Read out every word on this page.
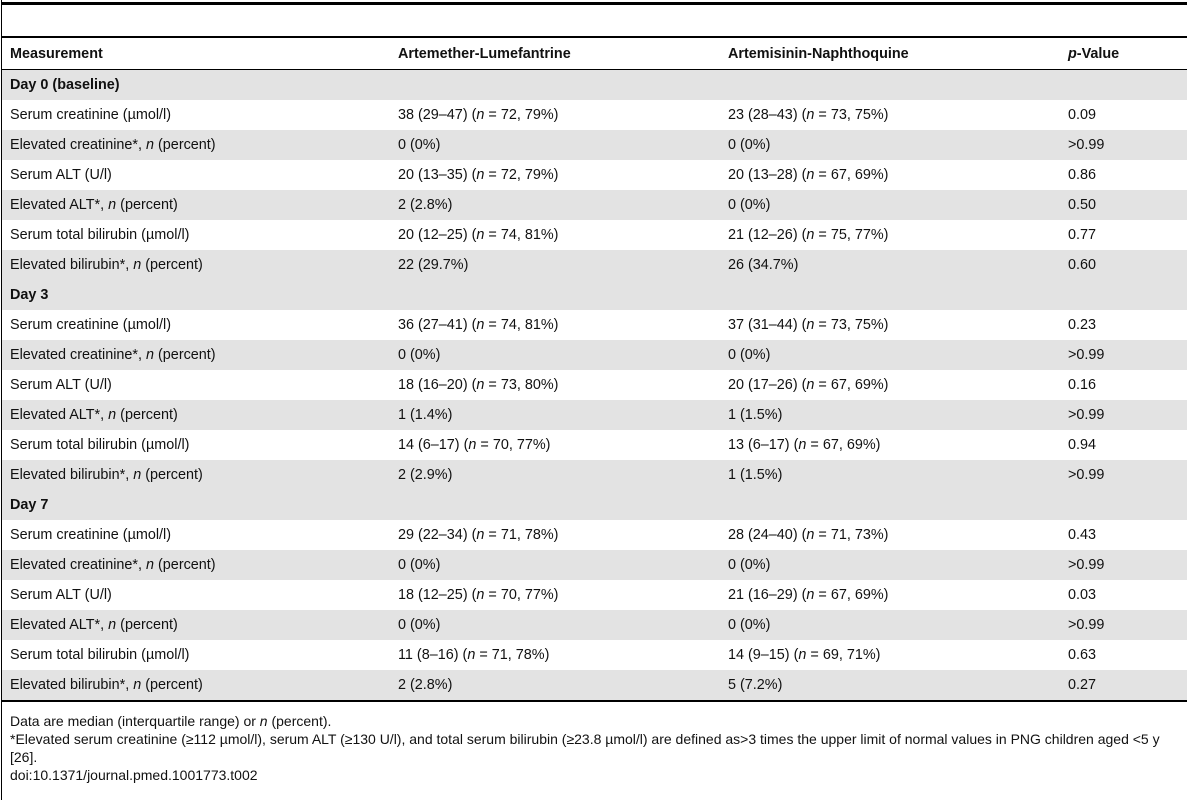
Measurement	Artemether-Lumefantrine	Artemisinin-Naphthoquine	p-Value
Day 0 (baseline)			
Serum creatinine (µmol/l)	38 (29–47) (n = 72, 79%)	23 (28–43) (n = 73, 75%)	0.09
Elevated creatinine*, n (percent)	0 (0%)	0 (0%)	>0.99
Serum ALT (U/l)	20 (13–35) (n = 72, 79%)	20 (13–28) (n = 67, 69%)	0.86
Elevated ALT*, n (percent)	2 (2.8%)	0 (0%)	0.50
Serum total bilirubin (µmol/l)	20 (12–25) (n = 74, 81%)	21 (12–26) (n = 75, 77%)	0.77
Elevated bilirubin*, n (percent)	22 (29.7%)	26 (34.7%)	0.60
Day 3			
Serum creatinine (µmol/l)	36 (27–41) (n = 74, 81%)	37 (31–44) (n = 73, 75%)	0.23
Elevated creatinine*, n (percent)	0 (0%)	0 (0%)	>0.99
Serum ALT (U/l)	18 (16–20) (n = 73, 80%)	20 (17–26) (n = 67, 69%)	0.16
Elevated ALT*, n (percent)	1 (1.4%)	1 (1.5%)	>0.99
Serum total bilirubin (µmol/l)	14 (6–17) (n = 70, 77%)	13 (6–17) (n = 67, 69%)	0.94
Elevated bilirubin*, n (percent)	2 (2.9%)	1 (1.5%)	>0.99
Day 7			
Serum creatinine (µmol/l)	29 (22–34) (n = 71, 78%)	28 (24–40) (n = 71, 73%)	0.43
Elevated creatinine*, n (percent)	0 (0%)	0 (0%)	>0.99
Serum ALT (U/l)	18 (12–25) (n = 70, 77%)	21 (16–29) (n = 67, 69%)	0.03
Elevated ALT*, n (percent)	0 (0%)	0 (0%)	>0.99
Serum total bilirubin (µmol/l)	11 (8–16) (n = 71, 78%)	14 (9–15) (n = 69, 71%)	0.63
Elevated bilirubin*, n (percent)	2 (2.8%)	5 (7.2%)	0.27
Data are median (interquartile range) or n (percent).
*Elevated serum creatinine (≥112 µmol/l), serum ALT (≥130 U/l), and total serum bilirubin (≥23.8 µmol/l) are defined as>3 times the upper limit of normal values in PNG children aged <5 y [26].
doi:10.1371/journal.pmed.1001773.t002
